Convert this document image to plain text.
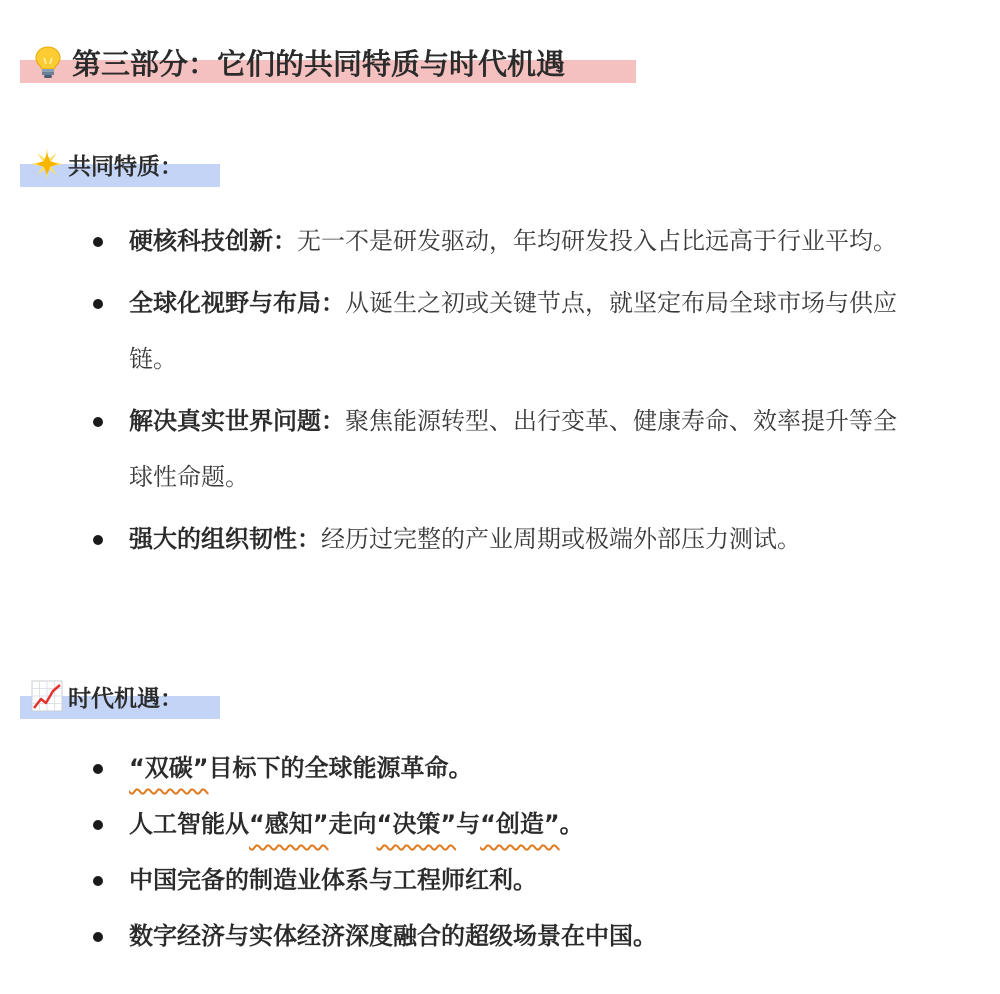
第三部分：它们的共同特质与时代机遇
共同特质：
硬核科技创新：无一不是研发驱动，年均研发投入占比远高于行业平均。
全球化视野与布局：从诞生之初或关键节点，就坚定布局全球市场与供应链。
解决真实世界问题：聚焦能源转型、出行变革、健康寿命、效率提升等全球性命题。
强大的组织韧性：经历过完整的产业周期或极端外部压力测试。
时代机遇：
“双碳”目标下的全球能源革命。
人工智能从“感知”走向“决策”与“创造”。
中国完备的制造业体系与工程师红利。
数字经济与实体经济深度融合的超级场景在中国。
